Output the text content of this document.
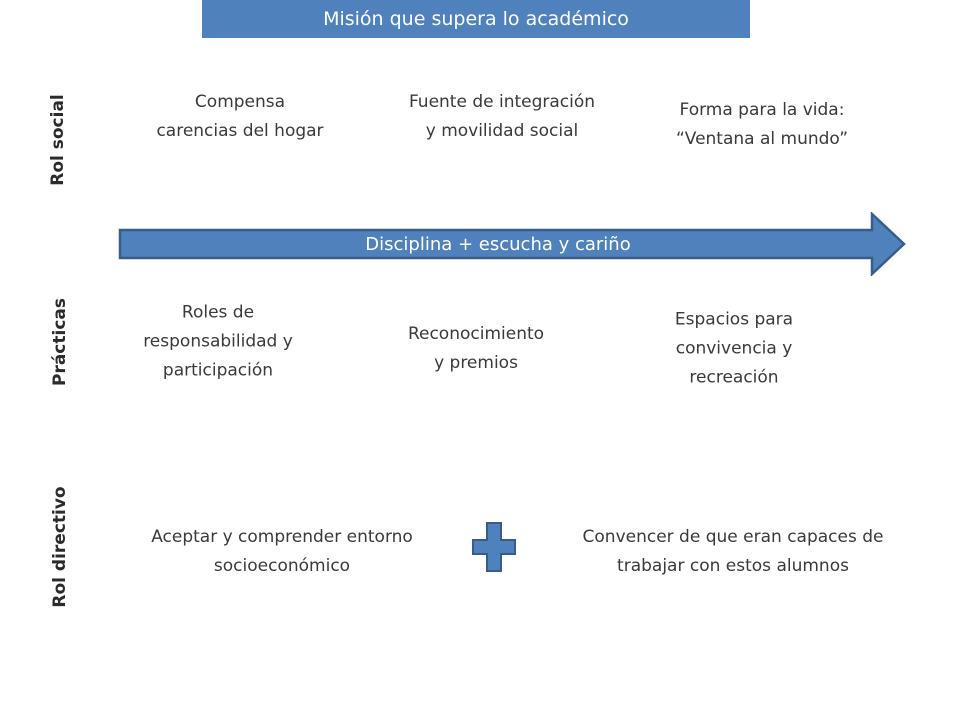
Misión que supera lo académico
Rol social
Prácticas
Rol directivo
Compensa
carencias del hogar
Fuente de integración
y movilidad social
Forma para la vida:
“Ventana al mundo”
Disciplina + escucha y cariño
Roles de
responsabilidad y
participación
Reconocimiento
y premios
Espacios para
convivencia y
recreación
Aceptar y comprender entorno
socioeconómico
Convencer de que eran capaces de
trabajar con estos alumnos
